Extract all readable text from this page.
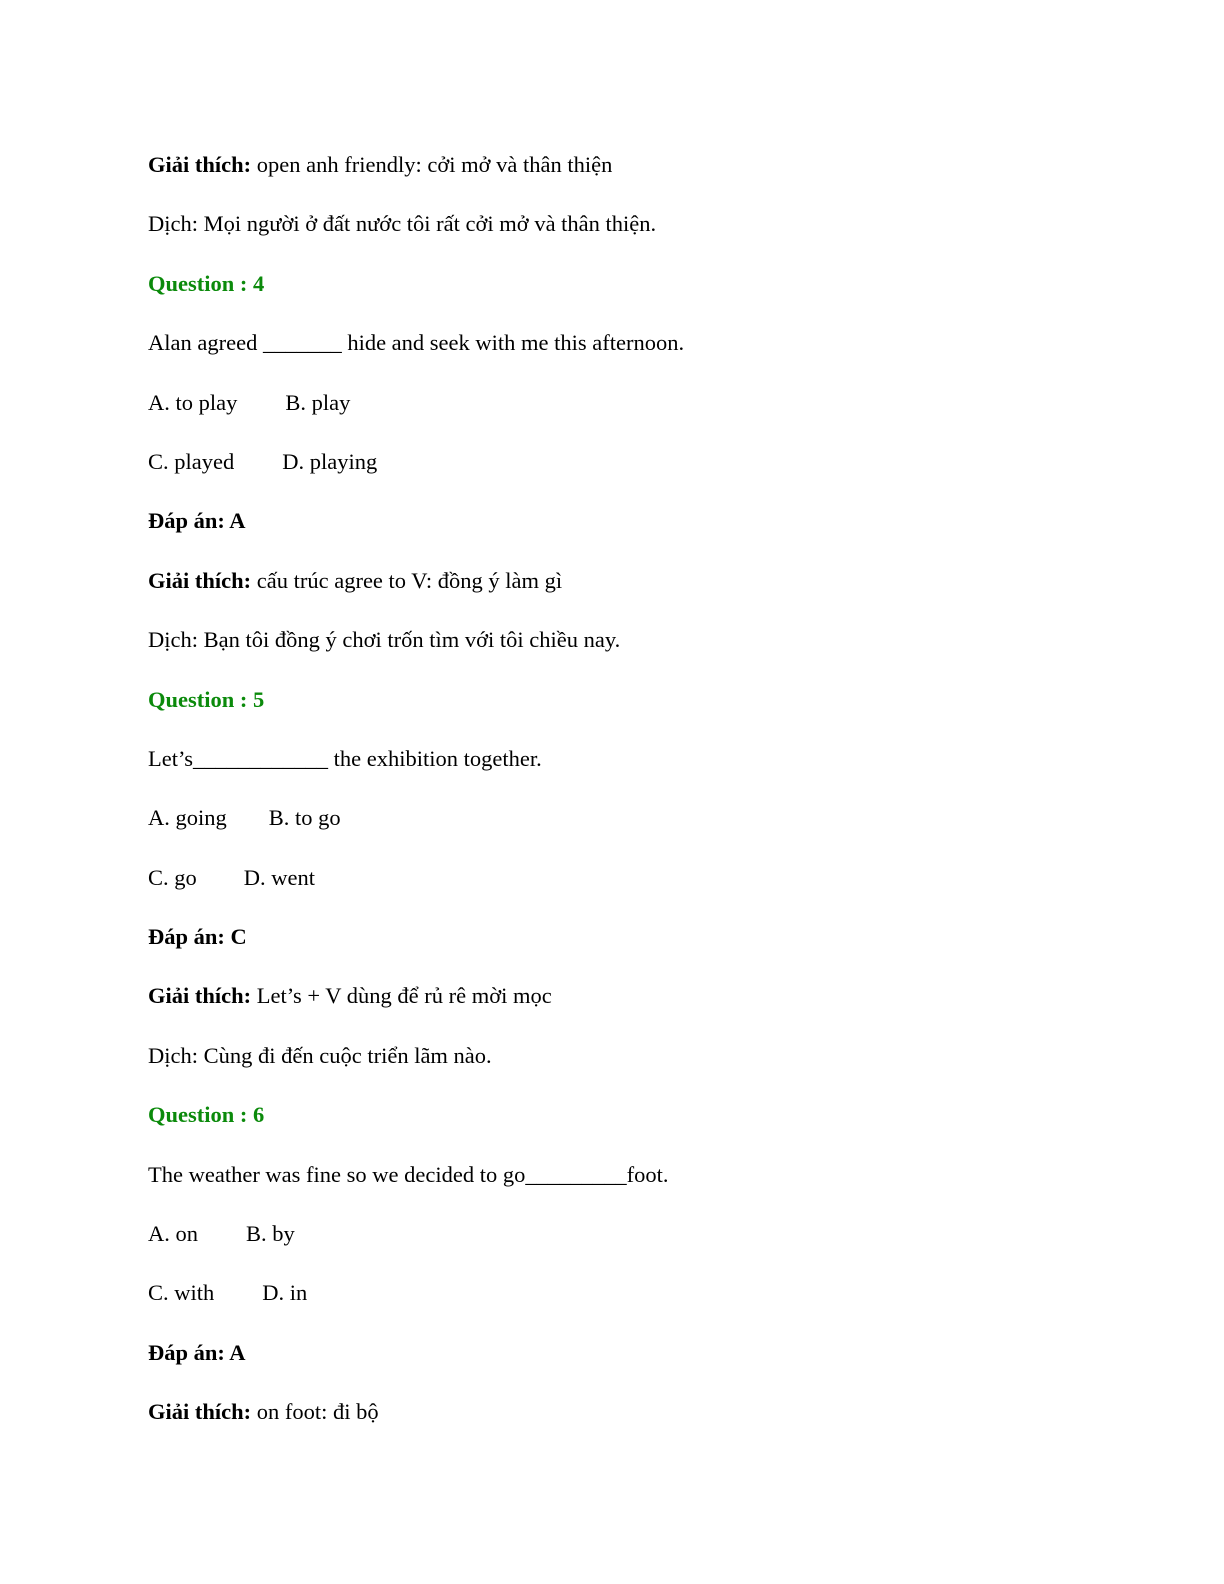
Giải thích: open anh friendly: cởi mở và thân thiện
Dịch: Mọi người ở đất nước tôi rất cởi mở và thân thiện.
Question : 4
Alan agreed _______ hide and seek with me this afternoon.
A. to play B. play
C. played D. playing
Đáp án: A
Giải thích: cấu trúc agree to V: đồng ý làm gì
Dịch: Bạn tôi đồng ý chơi trốn tìm với tôi chiều nay.
Question : 5
Let’s____________ the exhibition together.
A. going B. to go
C. go D. went
Đáp án: C
Giải thích: Let’s + V dùng để rủ rê mời mọc
Dịch: Cùng đi đến cuộc triển lãm nào.
Question : 6
The weather was fine so we decided to go_________foot.
A. on B. by
C. with D. in
Đáp án: A
Giải thích: on foot: đi bộ
